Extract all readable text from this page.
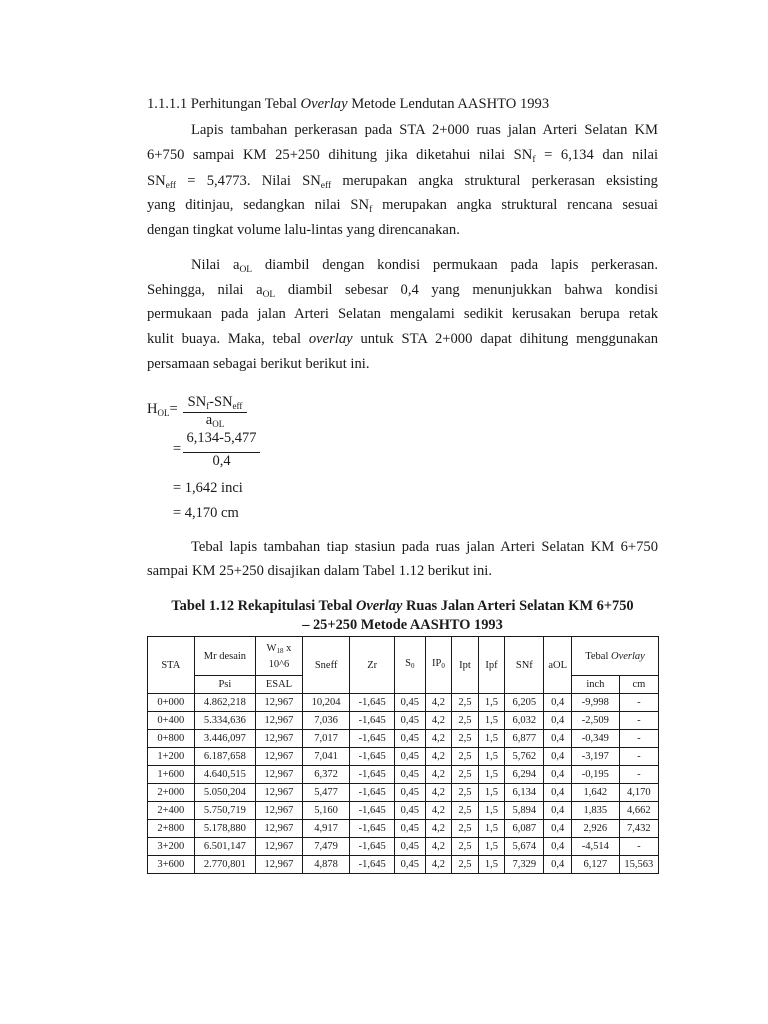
1.1.1.1 Perhitungan Tebal Overlay Metode Lendutan AASHTO 1993
Lapis tambahan perkerasan pada STA 2+000 ruas jalan Arteri Selatan KM
6+750 sampai KM 25+250 dihitung jika diketahui nilai $SN_f = 6,134$ dan nilai
$SN_{eff} = 5,4773$. Nilai $SN_{eff}$ merupakan angka struktural perkerasan eksisting
yang ditinjau, sedangkan nilai $SN_f$ merupakan angka struktural rencana sesuai
dengan tingkat volume lalu-lintas yang direncanakan.
Nilai $a_{OL}$ diambil dengan kondisi permukaan pada lapis perkerasan.
Sehingga, nilai $a_{OL}$ diambil sebesar 0,4 yang menunjukkan bahwa kondisi
permukaan pada jalan Arteri Selatan mengalami sedikit kerusakan berupa retak
kulit buaya. Maka, tebal overlay untuk STA 2+000 dapat dihitung menggunakan
persamaan sebagai berikut berikut ini.
$H_{OL}= SN_f-SN_{eff}$
$a_{OL}$
=
6,134-5,477
0,4
= 1,642 inci
= 4,170 cm
Tebal lapis tambahan tiap stasiun pada ruas jalan Arteri Selatan KM 6+750
sampai KM 25+250 disajikan dalam Tabel 1.12 berikut ini.
Tabel 1.12 Rekapitulasi Tebal Overlay Ruas Jalan Arteri Selatan KM 6+750
– 25+250 Metode AASHTO 1993
STA	Mr desain	W18 x
10^6	Sneff	Zr	S0	IP0	Ipt	Ipf	SNf	aOL	Tebal Overlay	
	Psi	ESAL									inch	cm
0+000	4.862,218	12,967	10,204	-1,645	0,45	4,2	2,5	1,5	6,205	0,4	-9,998	-
0+400	5.334,636	12,967	7,036	-1,645	0,45	4,2	2,5	1,5	6,032	0,4	-2,509	-
0+800	3.446,097	12,967	7,017	-1,645	0,45	4,2	2,5	1,5	6,877	0,4	-0,349	-
1+200	6.187,658	12,967	7,041	-1,645	0,45	4,2	2,5	1,5	5,762	0,4	-3,197	-
1+600	4.640,515	12,967	6,372	-1,645	0,45	4,2	2,5	1,5	6,294	0,4	-0,195	-
2+000	5.050,204	12,967	5,477	-1,645	0,45	4,2	2,5	1,5	6,134	0,4	1,642	4,170
2+400	5.750,719	12,967	5,160	-1,645	0,45	4,2	2,5	1,5	5,894	0,4	1,835	4,662
2+800	5.178,880	12,967	4,917	-1,645	0,45	4,2	2,5	1,5	6,087	0,4	2,926	7,432
3+200	6.501,147	12,967	7,479	-1,645	0,45	4,2	2,5	1,5	5,674	0,4	-4,514	-
3+600	2.770,801	12,967	4,878	-1,645	0,45	4,2	2,5	1,5	7,329	0,4	6,127	15,563
